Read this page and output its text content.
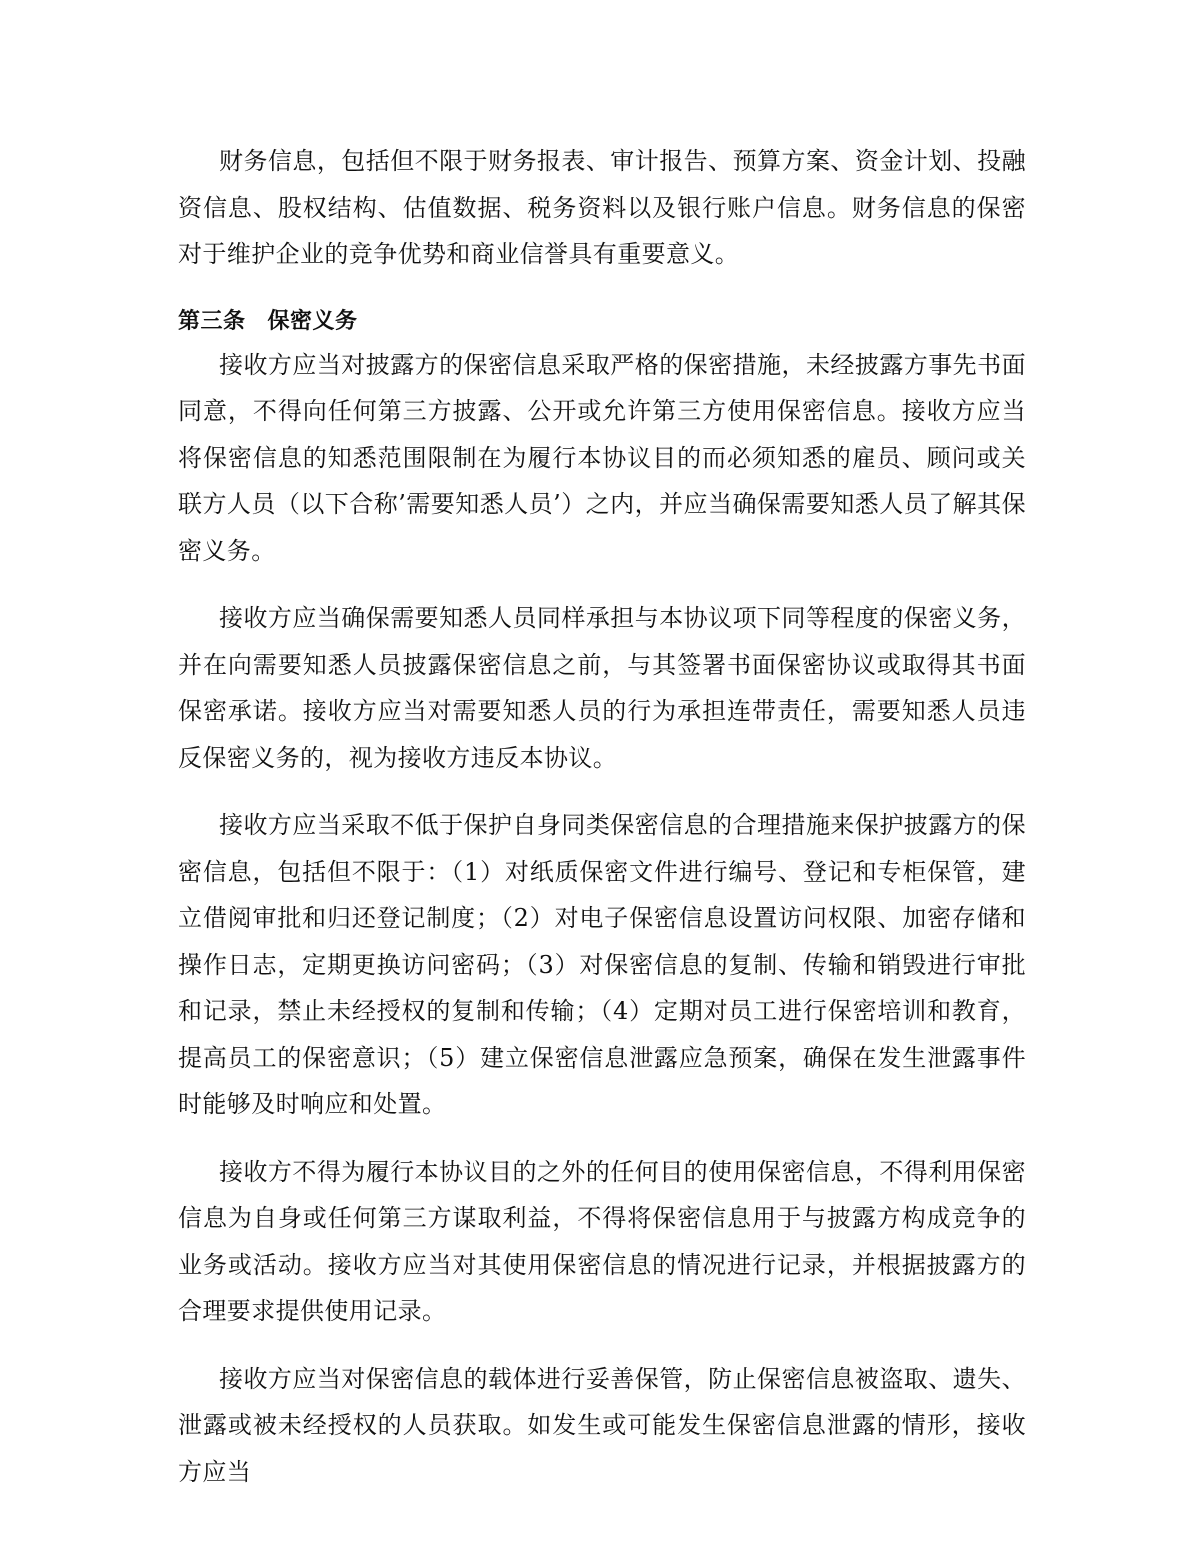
财务信息，包括但不限于财务报表、审计报告、预算方案、资金计划、投融资信息、股权结构、估值数据、税务资料以及银行账户信息。财务信息的保密对于维护企业的竞争优势和商业信誉具有重要意义。

第三条 保密义务

接收方应当对披露方的保密信息采取严格的保密措施，未经披露方事先书面同意，不得向任何第三方披露、公开或允许第三方使用保密信息。接收方应当将保密信息的知悉范围限制在为履行本协议目的而必须知悉的雇员、顾问或关联方人员（以下合称’需要知悉人员’）之内，并应当确保需要知悉人员了解其保密义务。

接收方应当确保需要知悉人员同样承担与本协议项下同等程度的保密义务，并在向需要知悉人员披露保密信息之前，与其签署书面保密协议或取得其书面保密承诺。接收方应当对需要知悉人员的行为承担连带责任，需要知悉人员违反保密义务的，视为接收方违反本协议。

接收方应当采取不低于保护自身同类保密信息的合理措施来保护披露方的保密信息，包括但不限于：（1）对纸质保密文件进行编号、登记和专柜保管，建立借阅审批和归还登记制度；（2）对电子保密信息设置访问权限、加密存储和操作日志，定期更换访问密码；（3）对保密信息的复制、传输和销毁进行审批和记录，禁止未经授权的复制和传输；（4）定期对员工进行保密培训和教育，提高员工的保密意识；（5）建立保密信息泄露应急预案，确保在发生泄露事件时能够及时响应和处置。

接收方不得为履行本协议目的之外的任何目的使用保密信息，不得利用保密信息为自身或任何第三方谋取利益，不得将保密信息用于与披露方构成竞争的业务或活动。接收方应当对其使用保密信息的情况进行记录，并根据披露方的合理要求提供使用记录。

接收方应当对保密信息的载体进行妥善保管，防止保密信息被盗取、遗失、泄露或被未经授权的人员获取。如发生或可能发生保密信息泄露的情形，接收方应当
